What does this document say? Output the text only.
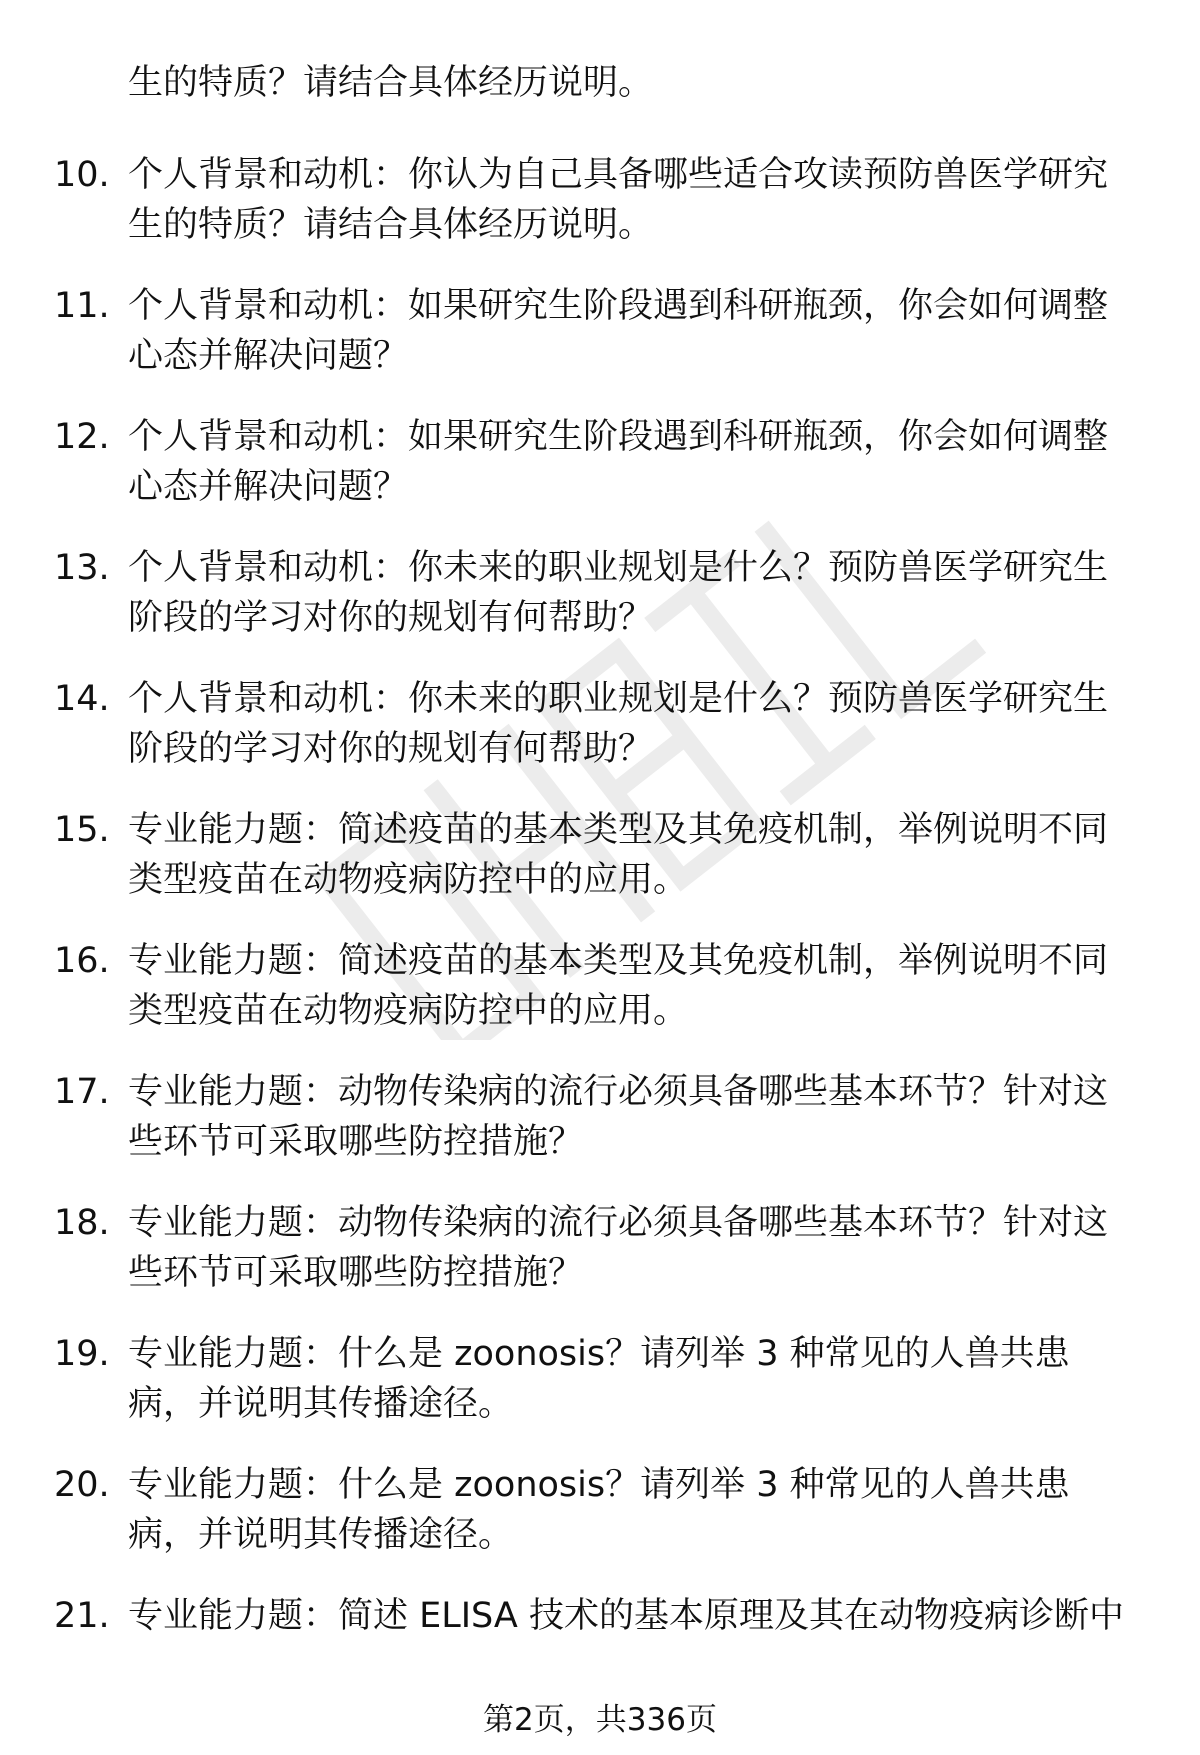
生的特质？请结合具体经历说明。
10. 个人背景和动机：你认为自己具备哪些适合攻读预防兽医学研究
生的特质？请结合具体经历说明。
11. 个人背景和动机：如果研究生阶段遇到科研瓶颈，你会如何调整
心态并解决问题？
12. 个人背景和动机：如果研究生阶段遇到科研瓶颈，你会如何调整
心态并解决问题？
13. 个人背景和动机：你未来的职业规划是什么？预防兽医学研究生
阶段的学习对你的规划有何帮助？
14. 个人背景和动机：你未来的职业规划是什么？预防兽医学研究生
阶段的学习对你的规划有何帮助？
15. 专业能力题：简述疫苗的基本类型及其免疫机制，举例说明不同
类型疫苗在动物疫病防控中的应用。
16. 专业能力题：简述疫苗的基本类型及其免疫机制，举例说明不同
类型疫苗在动物疫病防控中的应用。
17. 专业能力题：动物传染病的流行必须具备哪些基本环节？针对这
些环节可采取哪些防控措施？
18. 专业能力题：动物传染病的流行必须具备哪些基本环节？针对这
些环节可采取哪些防控措施？
19. 专业能力题：什么是 zoonosis？请列举 3 种常见的人兽共患
病，并说明其传播途径。
20. 专业能力题：什么是 zoonosis？请列举 3 种常见的人兽共患
病，并说明其传播途径。
21. 专业能力题：简述 ELISA 技术的基本原理及其在动物疫病诊断中
第2页，共336页
